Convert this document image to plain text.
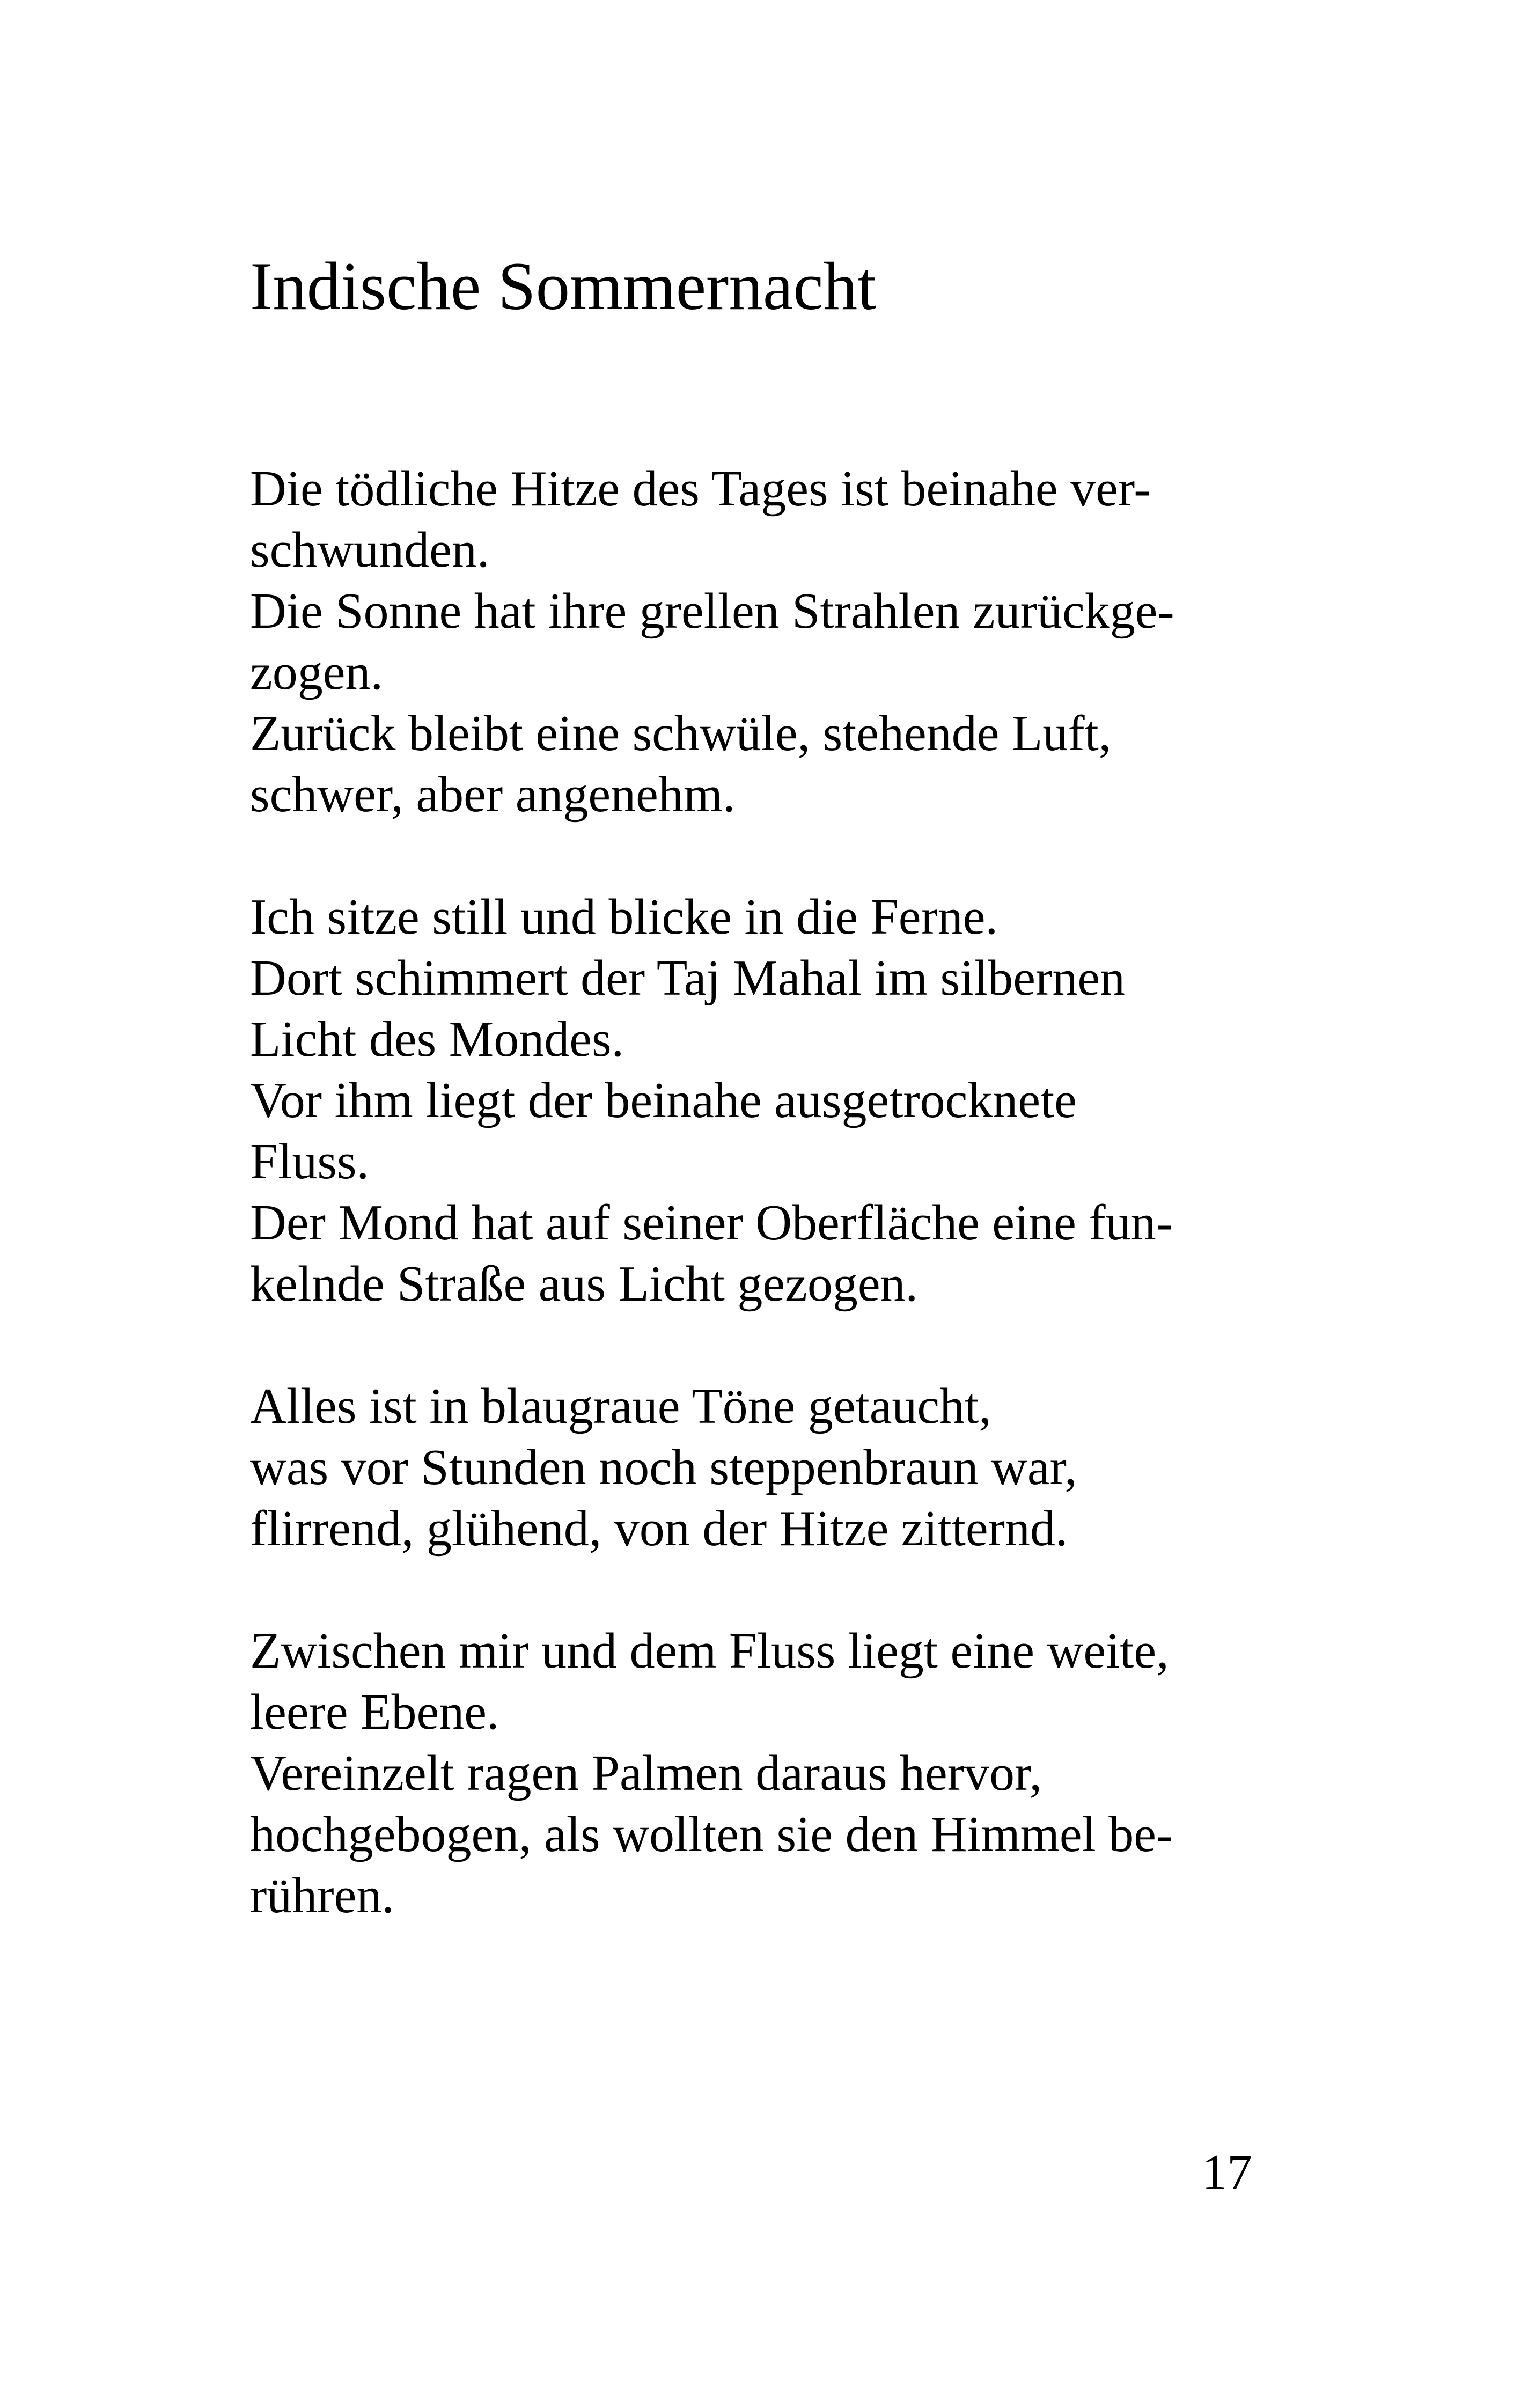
Indische Sommernacht

Die tödliche Hitze des Tages ist beinahe ver-
schwunden.
Die Sonne hat ihre grellen Strahlen zurückge-
zogen.
Zurück bleibt eine schwüle, stehende Luft,
schwer, aber angenehm.

Ich sitze still und blicke in die Ferne.
Dort schimmert der Taj Mahal im silbernen
Licht des Mondes.
Vor ihm liegt der beinahe ausgetrocknete
Fluss.
Der Mond hat auf seiner Oberfläche eine fun-
kelnde Straße aus Licht gezogen.

Alles ist in blaugraue Töne getaucht,
was vor Stunden noch steppenbraun war,
flirrend, glühend, von der Hitze zitternd.

Zwischen mir und dem Fluss liegt eine weite,
leere Ebene.
Vereinzelt ragen Palmen daraus hervor,
hochgebogen, als wollten sie den Himmel be-
rühren.

17
